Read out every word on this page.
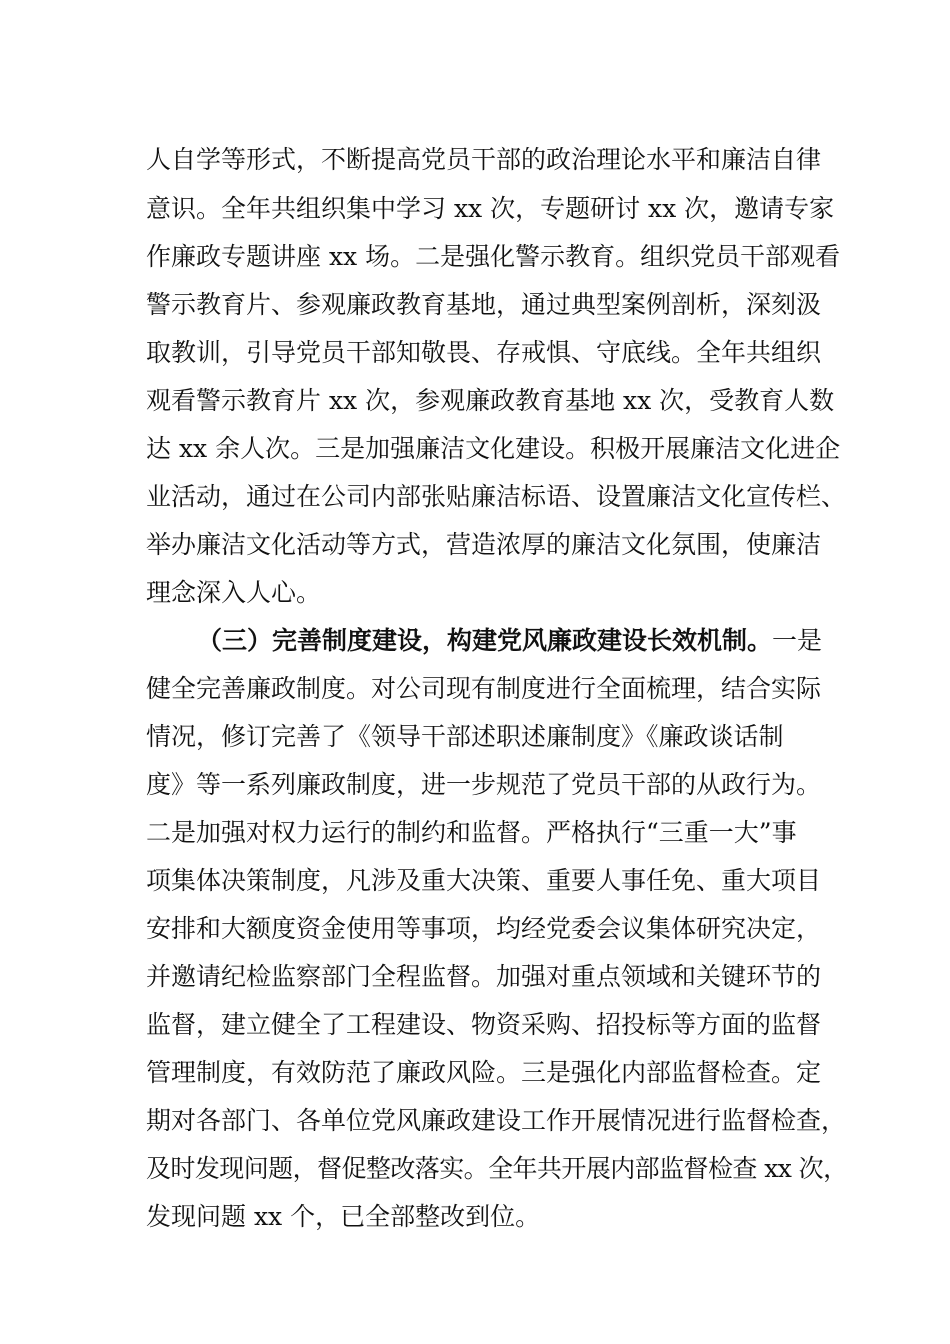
人自学等形式，不断提高党员干部的政治理论水平和廉洁自律
意识。全年共组织集中学习 xx 次，专题研讨 xx 次，邀请专家
作廉政专题讲座 xx 场。二是强化警示教育。组织党员干部观看
警示教育片、参观廉政教育基地，通过典型案例剖析，深刻汲
取教训，引导党员干部知敬畏、存戒惧、守底线。全年共组织
观看警示教育片 xx 次，参观廉政教育基地 xx 次，受教育人数
达 xx 余人次。三是加强廉洁文化建设。积极开展廉洁文化进企
业活动，通过在公司内部张贴廉洁标语、设置廉洁文化宣传栏、
举办廉洁文化活动等方式，营造浓厚的廉洁文化氛围，使廉洁
理念深入人心。
（三）完善制度建设，构建党风廉政建设长效机制。一是
健全完善廉政制度。对公司现有制度进行全面梳理，结合实际
情况，修订完善了《领导干部述职述廉制度》《廉政谈话制
度》等一系列廉政制度，进一步规范了党员干部的从政行为。
二是加强对权力运行的制约和监督。严格执行“三重一大”事
项集体决策制度，凡涉及重大决策、重要人事任免、重大项目
安排和大额度资金使用等事项，均经党委会议集体研究决定，
并邀请纪检监察部门全程监督。加强对重点领域和关键环节的
监督，建立健全了工程建设、物资采购、招投标等方面的监督
管理制度，有效防范了廉政风险。三是强化内部监督检查。定
期对各部门、各单位党风廉政建设工作开展情况进行监督检查，
及时发现问题，督促整改落实。全年共开展内部监督检查 xx 次，
发现问题 xx 个，已全部整改到位。
